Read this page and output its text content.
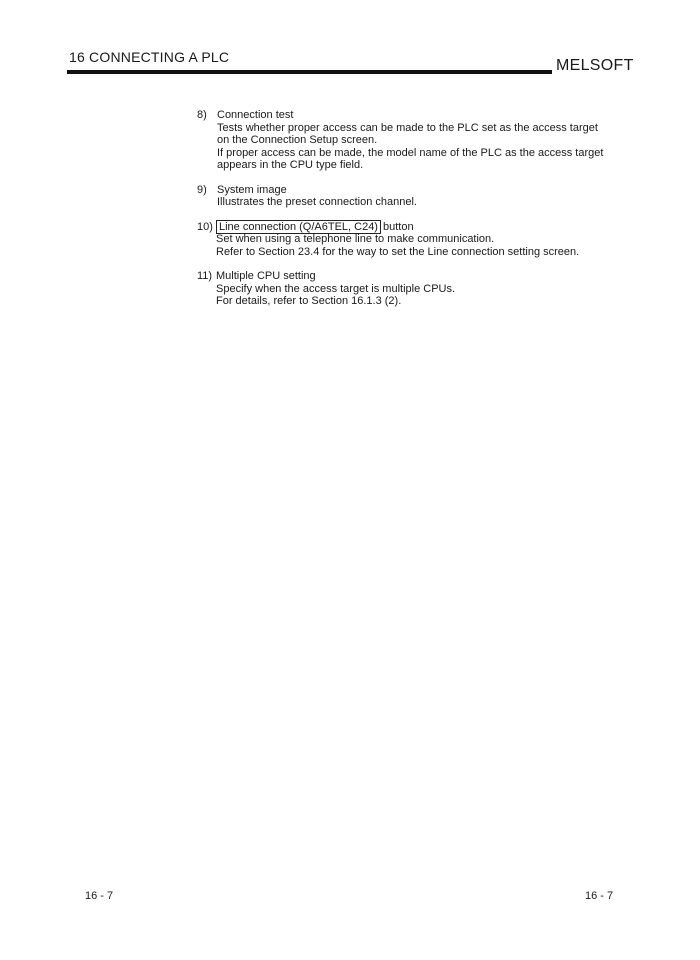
16 CONNECTING A PLC	MELSOFT
8) Connection test
Tests whether proper access can be made to the PLC set as the access target
on the Connection Setup screen.
If proper access can be made, the model name of the PLC as the access target
appears in the CPU type field.
9) System image
Illustrates the preset connection channel.
10) Line connection (Q/A6TEL, C24) button
Set when using a telephone line to make communication.
Refer to Section 23.4 for the way to set the Line connection setting screen.
11) Multiple CPU setting
Specify when the access target is multiple CPUs.
For details, refer to Section 16.1.3 (2).
16 - 7	16 - 7
